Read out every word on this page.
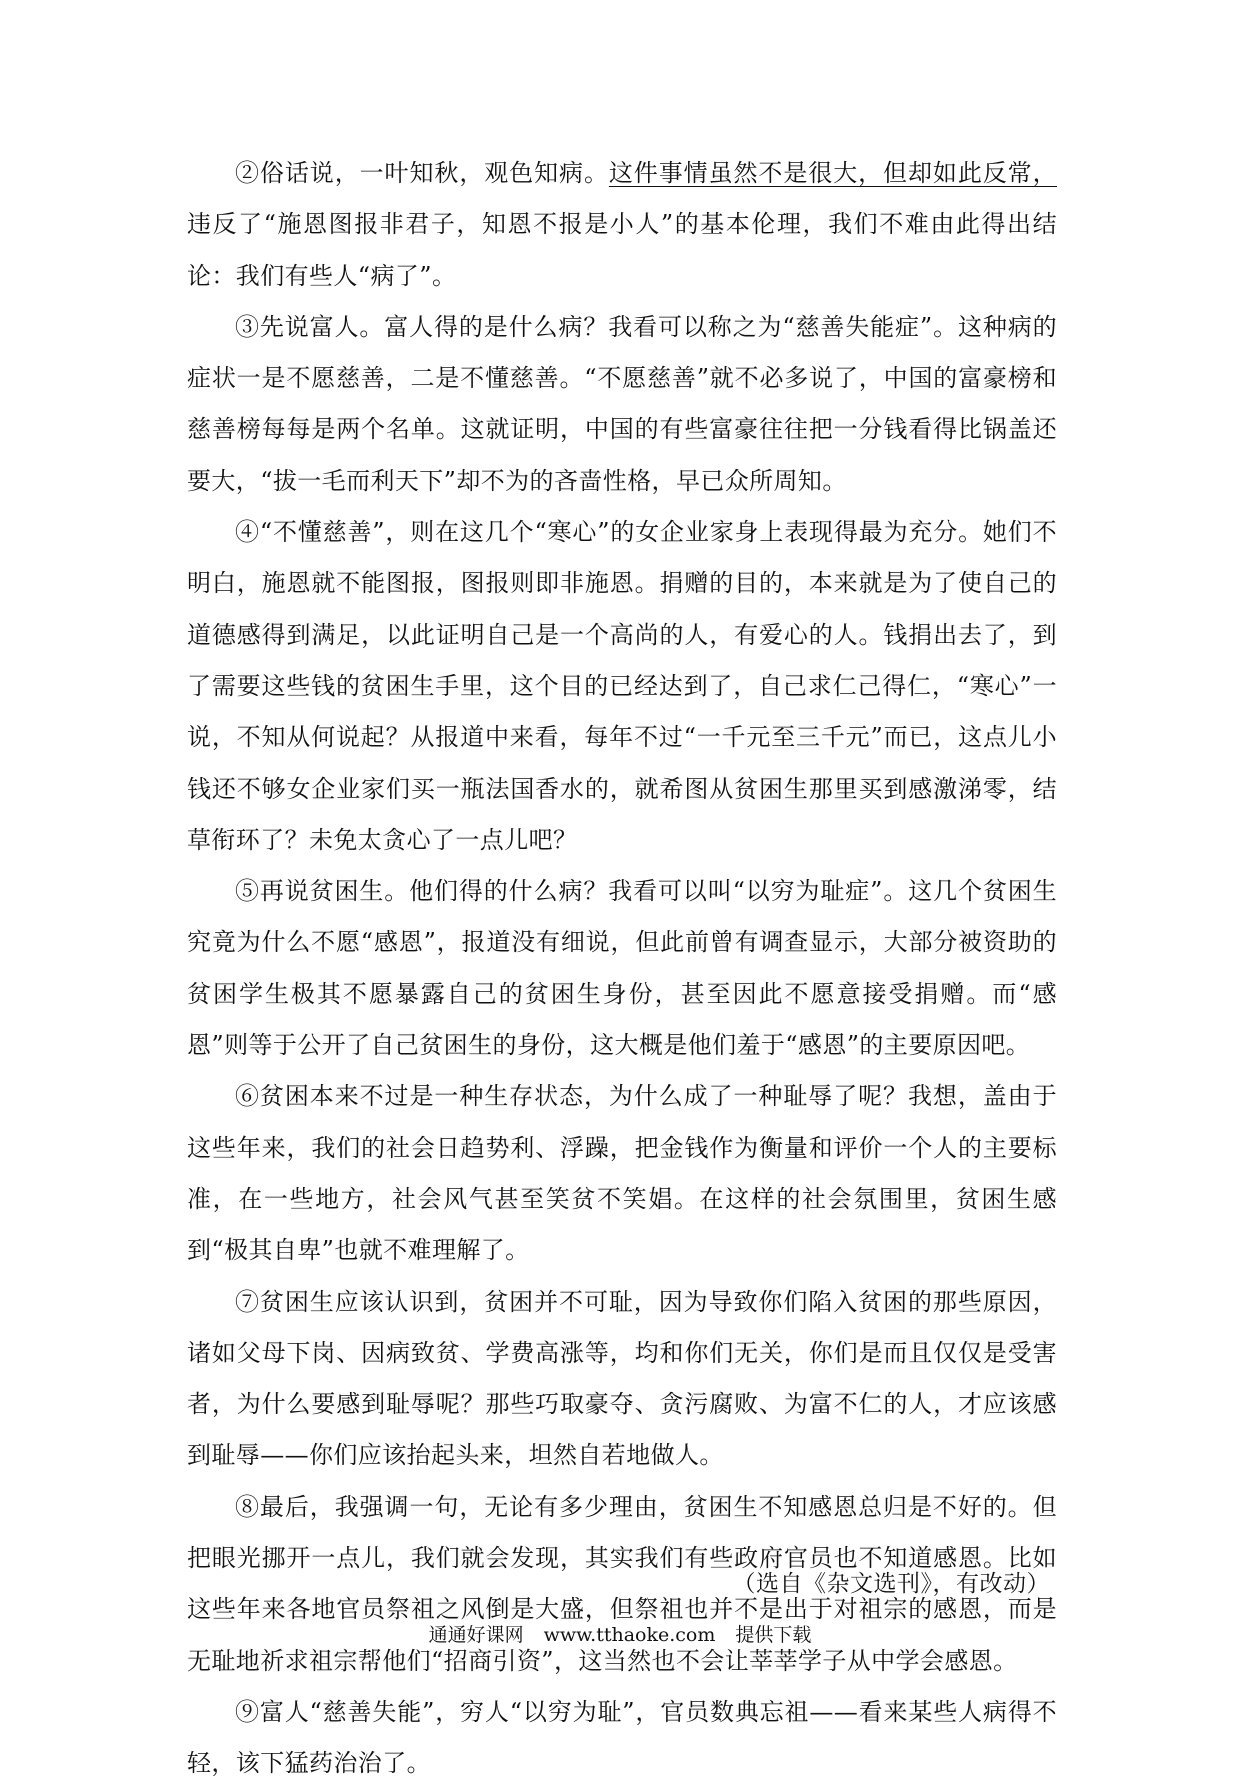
②俗话说，一叶知秋，观色知病。这件事情虽然不是很大，但却如此反常，违反了“施恩图报非君子，知恩不报是小人”的基本伦理，我们不难由此得出结论：我们有些人“病了”。

③先说富人。富人得的是什么病？我看可以称之为“慈善失能症”。这种病的症状一是不愿慈善，二是不懂慈善。“不愿慈善”就不必多说了，中国的富豪榜和慈善榜每每是两个名单。这就证明，中国的有些富豪往往把一分钱看得比锅盖还要大，“拔一毛而利天下”却不为的吝啬性格，早已众所周知。

④“不懂慈善”，则在这几个“寒心”的女企业家身上表现得最为充分。她们不明白，施恩就不能图报，图报则即非施恩。捐赠的目的，本来就是为了使自己的道德感得到满足，以此证明自己是一个高尚的人，有爱心的人。钱捐出去了，到了需要这些钱的贫困生手里，这个目的已经达到了，自己求仁己得仁，“寒心”一说，不知从何说起？从报道中来看，每年不过“一千元至三千元”而已，这点儿小钱还不够女企业家们买一瓶法国香水的，就希图从贫困生那里买到感激涕零，结草衔环了？未免太贪心了一点儿吧？

⑤再说贫困生。他们得的什么病？我看可以叫“以穷为耻症”。这几个贫困生究竟为什么不愿“感恩”，报道没有细说，但此前曾有调查显示，大部分被资助的贫困学生极其不愿暴露自己的贫困生身份，甚至因此不愿意接受捐赠。而“感恩”则等于公开了自己贫困生的身份，这大概是他们羞于“感恩”的主要原因吧。

⑥贫困本来不过是一种生存状态，为什么成了一种耻辱了呢？我想，盖由于这些年来，我们的社会日趋势利、浮躁，把金钱作为衡量和评价一个人的主要标准，在一些地方，社会风气甚至笑贫不笑娼。在这样的社会氛围里，贫困生感到“极其自卑”也就不难理解了。

⑦贫困生应该认识到，贫困并不可耻，因为导致你们陷入贫困的那些原因，诸如父母下岗、因病致贫、学费高涨等，均和你们无关，你们是而且仅仅是受害者，为什么要感到耻辱呢？那些巧取豪夺、贪污腐败、为富不仁的人，才应该感到耻辱——你们应该抬起头来，坦然自若地做人。

⑧最后，我强调一句，无论有多少理由，贫困生不知感恩总归是不好的。但把眼光挪开一点儿，我们就会发现，其实我们有些政府官员也不知道感恩。比如这些年来各地官员祭祖之风倒是大盛，但祭祖也并不是出于对祖宗的感恩，而是无耻地祈求祖宗帮他们“招商引资”，这当然也不会让莘莘学子从中学会感恩。

⑨富人“慈善失能”，穷人“以穷为耻”，官员数典忘祖——看来某些人病得不轻，该下猛药治治了。

（选自《杂文选刊》，有改动）
通通好课网 www.tthaoke.com 提供下载
